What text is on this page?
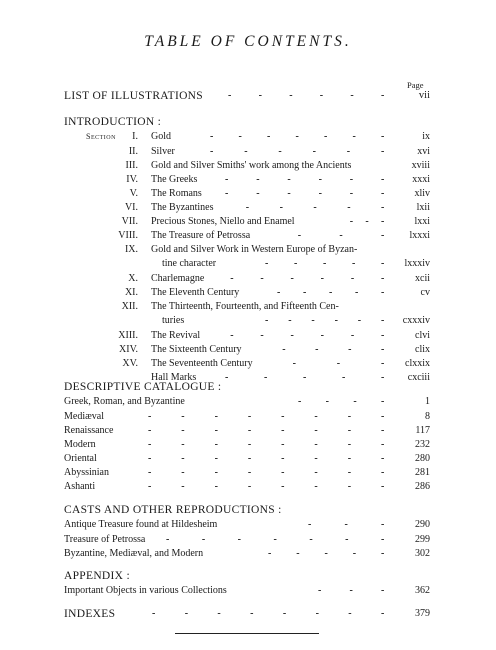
TABLE OF CONTENTS.
Page
LIST OF ILLUSTRATIONS	-	-	-	-	-	-	vii
INTRODUCTION :
Section	I. Gold	-	-	-	-	-	-	-	ix
II. Silver	-	-	-	-	-	-	xvi
III. Gold and Silver Smiths' work among the Ancients	xviii
IV. The Greeks	-	-	-	-	-	-	xxxi
V. The Romans -	-	-	-	-	-	xliv
VI. The Byzantines	-	-	-	-	-	lxii
VII. Precious Stones, Niello and Enamel	- - -	lxxi
VIII. The Treasure of Petrossa	-	-	-	lxxxi
IX. Gold and Silver Work in Western Europe of Byzan-
tine character	-	-	-	-	- lxxxiv
X. Charlemagne	-	-	-	-	-	-	xcii
XI. The Eleventh Century	- - - - -	cv
XII. The Thirteenth, Fourteenth, and Fifteenth Cen-
turies	- - - - - - cxxxiv
XIII. The Revival	-	-	-	-	-	-	clvi
XIV. The Sixteenth Century	-	-	-	-	clix
XV. The Seventeenth Century	-	-	- clxxix
Hall Marks	-	-	-	-	- cxciii
DESCRIPTIVE CATALOGUE :
Greek, Roman, and Byzantine	- - - -	1
Mediæval	-	-	-	-	-	-	-	-	8
Renaissance	-	-	-	-	-	-	-	-	117
Modern	-	-	-	-	-	-	-	-	232
Oriental	-	-	-	-	-	-	-	-	280
Abyssinian	-	-	-	-	-	-	-	-	281
Ashanti	-	-	-	-	-	-	-	-	286
CASTS AND OTHER REPRODUCTIONS :
Antique Treasure found at Hildesheim	-	-	-	290
Treasure of Petrossa -	-	-	-	-	-	-	299
Byzantine, Mediæval, and Modern	- - - - -	302
APPENDIX :
Important Objects in various Collections	-	-	-	362
INDEXES	-	-	-	-	-	-	-	-	379
